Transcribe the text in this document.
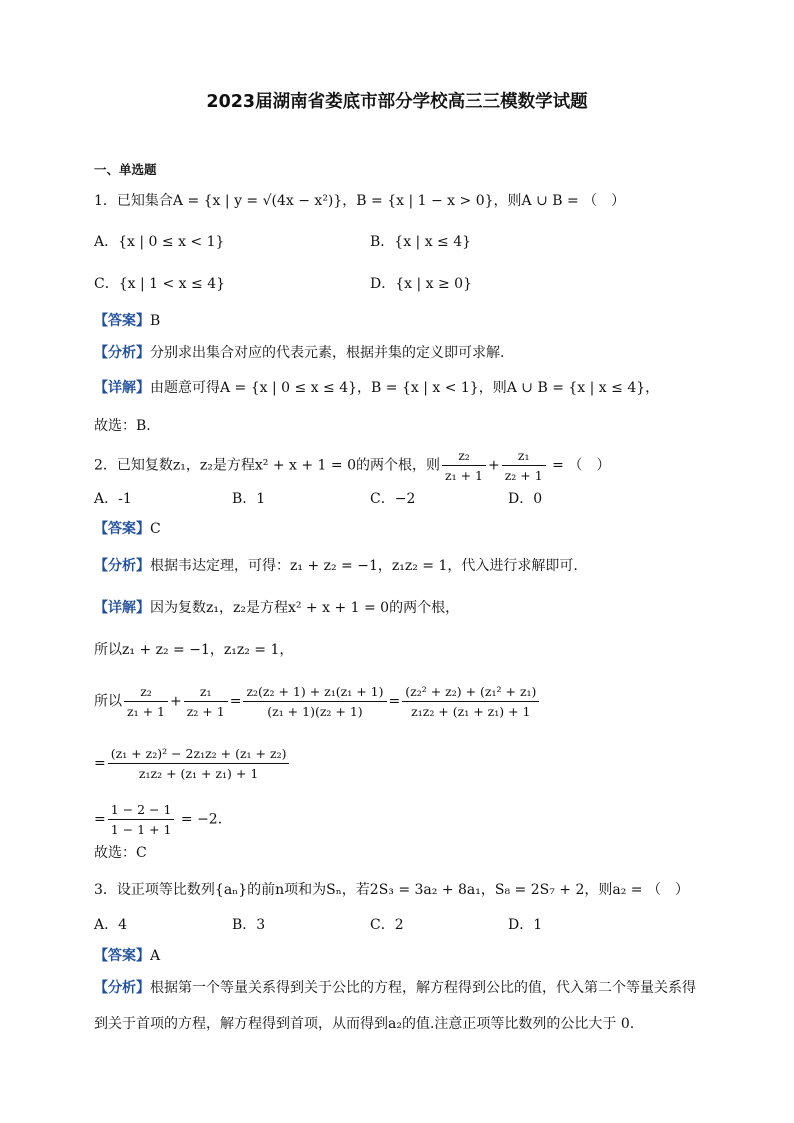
2023届湖南省娄底市部分学校高三三模数学试题
一、单选题
1．已知集合A = {x | y = √(4x − x²)}，B = {x | 1 − x > 0}，则A ∪ B = （　）
A．{x | 0 ≤ x < 1}	B．{x | x ≤ 4}
C．{x | 1 < x ≤ 4}	D．{x | x ≥ 0}
【答案】B
【分析】分别求出集合对应的代表元素，根据并集的定义即可求解.
【详解】由题意可得A = {x | 0 ≤ x ≤ 4}，B = {x | x < 1}，则A ∪ B = {x | x ≤ 4}，
故选：B.
2．已知复数z₁，z₂是方程x² + x + 1 = 0的两个根，则 $\frac{\text{z₂}}{\text{z₁ + 1}} + \frac{\text{z₁}}{\text{z₂ + 1}}$ = （　）
A．-1	B．1	C．−2	D．0
【答案】C
【分析】根据韦达定理，可得：z₁ + z₂ = −1，z₁z₂ = 1，代入进行求解即可.
【详解】因为复数z₁，z₂是方程x² + x + 1 = 0的两个根，
所以z₁ + z₂ = −1，z₁z₂ = 1，
所以 $\frac{\text{z₂}}{\text{z₁ + 1}} + \frac{\text{z₁}}{\text{z₂ + 1}} = \frac{\text{z₂(z₂ + 1) + z₁(z₁ + 1)}}{\text{(z₁ + 1)(z₂ + 1)}} = \frac{\text{(z₂² + z₂) + (z₁² + z₁)}}{\text{z₁z₂ + (z₁ + z₁) + 1}}$
= $\frac{\text{(z₁ + z₂)² − 2z₁z₂ + (z₁ + z₂)}}{\text{z₁z₂ + (z₁ + z₁) + 1}}$
= $\frac{1 - 2 - 1}{1 - 1 + 1} = -2$．
故选：C
3．设正项等比数列{aₙ}的前n项和为Sₙ，若2S₃ = 3a₂ + 8a₁，S₈ = 2S₇ + 2，则a₂ = （　）
A．4	B．3	C．2	D．1
【答案】A
【分析】根据第一个等量关系得到关于公比的方程，解方程得到公比的值，代入第二个等量关系得
到关于首项的方程，解方程得到首项，从而得到a₂的值.注意正项等比数列的公比大于 0.
